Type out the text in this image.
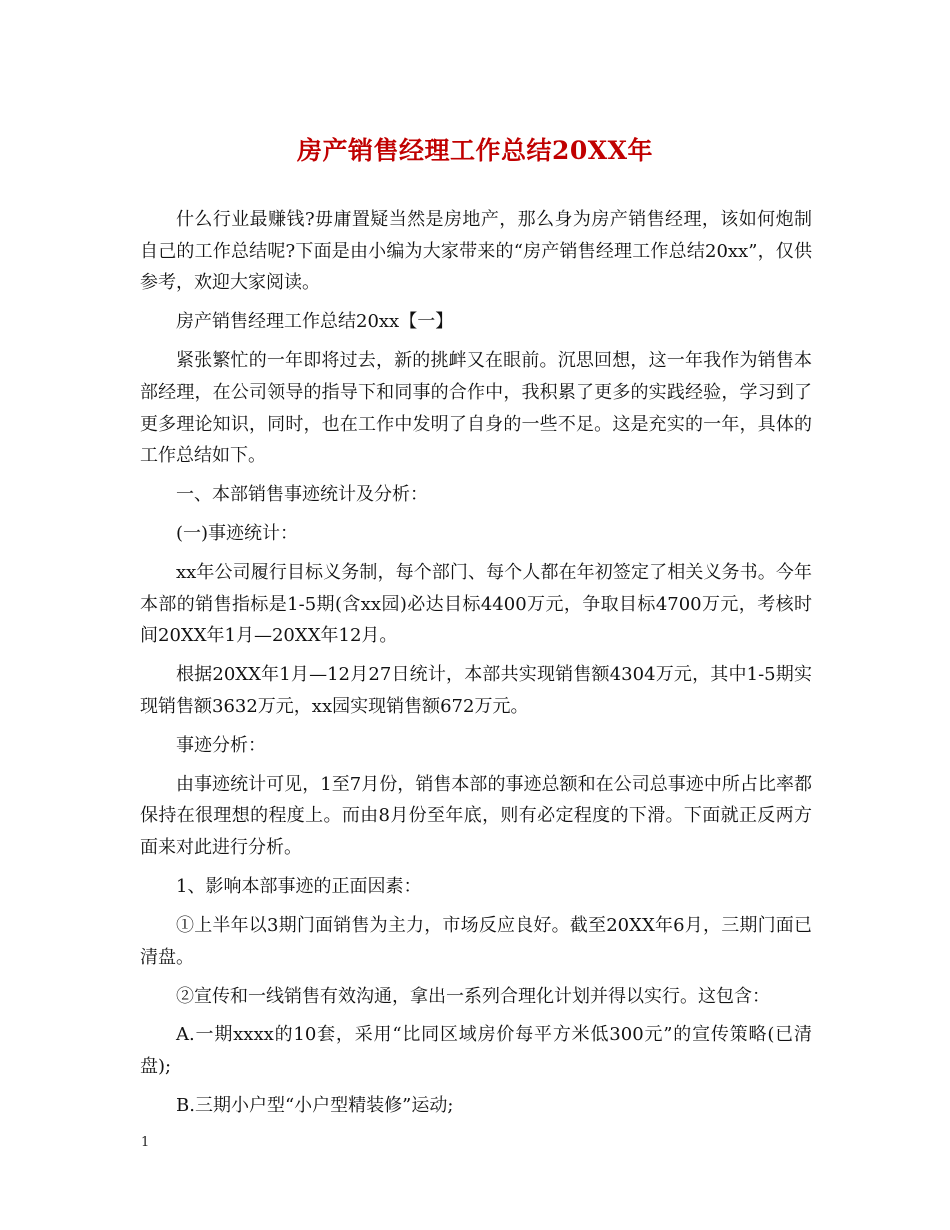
房产销售经理工作总结20XX年

什么行业最赚钱?毋庸置疑当然是房地产，那么身为房产销售经理，该如何炮制自己的工作总结呢?下面是由小编为大家带来的“房产销售经理工作总结20xx”，仅供参考，欢迎大家阅读。

房产销售经理工作总结20xx【一】

紧张繁忙的一年即将过去，新的挑衅又在眼前。沉思回想，这一年我作为销售本部经理，在公司领导的指导下和同事的合作中，我积累了更多的实践经验，学习到了更多理论知识，同时，也在工作中发明了自身的一些不足。这是充实的一年，具体的工作总结如下。

一、本部销售事迹统计及分析：

(一)事迹统计：

xx年公司履行目标义务制，每个部门、每个人都在年初签定了相关义务书。今年本部的销售指标是1-5期(含xx园)必达目标4400万元，争取目标4700万元，考核时间20XX年1月—20XX年12月。

根据20XX年1月—12月27日统计，本部共实现销售额4304万元，其中1-5期实现销售额3632万元，xx园实现销售额672万元。

事迹分析：

由事迹统计可见，1至7月份，销售本部的事迹总额和在公司总事迹中所占比率都保持在很理想的程度上。而由8月份至年底，则有必定程度的下滑。下面就正反两方面来对此进行分析。

1、影响本部事迹的正面因素：

①上半年以3期门面销售为主力，市场反应良好。截至20XX年6月，三期门面已清盘。

②宣传和一线销售有效沟通，拿出一系列合理化计划并得以实行。这包含：

A.一期xxxx的10套，采用“比同区域房价每平方米低300元”的宣传策略(已清盘);

B.三期小户型“小户型精装修”运动;

1
